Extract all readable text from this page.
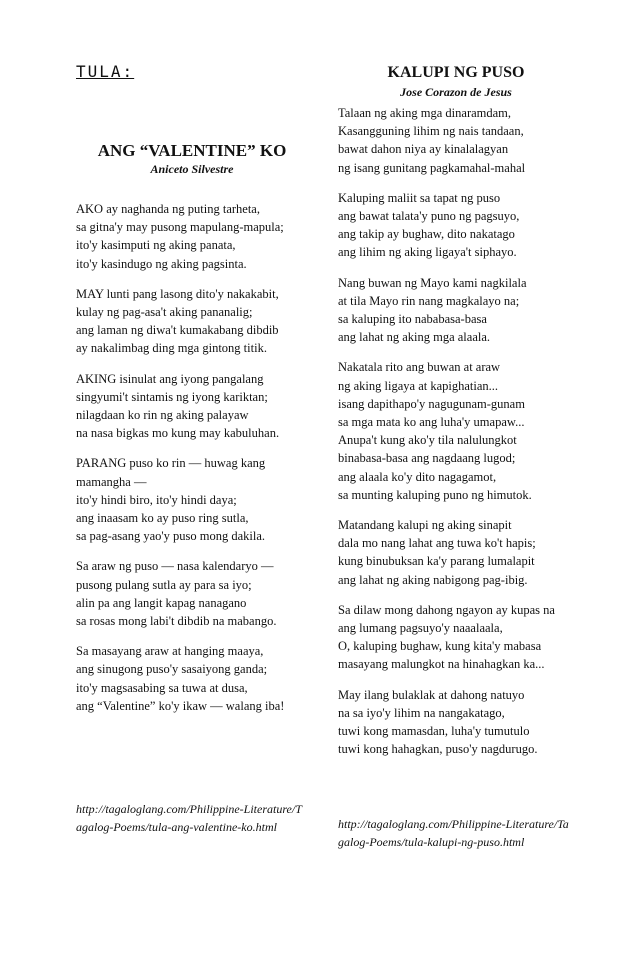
TULA:
ANG “VALENTINE” KO
Aniceto Silvestre

AKO ay naghanda ng puting tarheta,
sa gitna'y may pusong mapulang-mapula;
ito'y kasimputi ng aking panata,
ito'y kasindugo ng aking pagsinta.

MAY lunti pang lasong dito'y nakakabit,
kulay ng pag-asa't aking pananalig;
ang laman ng diwa't kumakabang dibdib
ay nakalimbag ding mga gintong titik.

AKING isinulat ang iyong pangalang
singyumi't sintamis ng iyong kariktan;
nilagdaan ko rin ng aking palayaw
na nasa bigkas mo kung may kabuluhan.

PARANG puso ko rin — huwag kang mamangha —
ito'y hindi biro, ito'y hindi daya;
ang inaasam ko ay puso ring sutla,
sa pag-asang yao'y puso mong dakila.

Sa araw ng puso — nasa kalendaryo —
pusong pulang sutla ay para sa iyo;
alin pa ang langit kapag nanagano
sa rosas mong labi't dibdib na mabango.

Sa masayang araw at hanging maaya,
ang sinugong puso'y sasaiyong ganda;
ito'y magsasabing sa tuwa at dusa,
ang “Valentine” ko'y ikaw — walang iba!

http://tagaloglang.com/Philippine-Literature/Tagalog-Poems/tula-ang-valentine-ko.html
KALUPI NG PUSO
Jose Corazon de Jesus

Talaan ng aking mga dinaramdam,
Kasangguning lihim ng nais tandaan,
bawat dahon niya ay kinalalagyan
ng isang gunitang pagkamahal-mahal

Kaluping maliit sa tapat ng puso
ang bawat talata'y puno ng pagsuyo,
ang takip ay bughaw, dito nakatago
ang lihim ng aking ligaya't siphayo.

Nang buwan ng Mayo kami nagkilala
at tila Mayo rin nang magkalayo na;
sa kaluping ito nababasa-basa
ang lahat ng aking mga alaala.

Nakatala rito ang buwan at araw
ng aking ligaya at kapighatian...
isang dapithapo'y nagugunam-gunam
sa mga mata ko ang luha'y umapaw...
Anupa't kung ako'y tila nalulungkot
binabasa-basa ang nagdaang lugod;
ang alaala ko'y dito nagagamot,
sa munting kaluping puno ng himutok.

Matandang kalupi ng aking sinapit
dala mo nang lahat ang tuwa ko't hapis;
kung binubuksan ka'y parang lumalapit
ang lahat ng aking nabigong pag-ibig.

Sa dilaw mong dahong ngayon ay kupas na
ang lumang pagsuyo'y naaalaala,
O, kaluping bughaw, kung kita'y mabasa
masayang malungkot na hinahagkan ka...

May ilang bulaklak at dahong natuyo
na sa iyo'y lihim na nangakatago,
tuwi kong mamasdan, luha'y tumutulo
tuwi kong hahagkan, puso'y nagdurugo.

http://tagaloglang.com/Philippine-Literature/Tagalog-Poems/tula-kalupi-ng-puso.html
